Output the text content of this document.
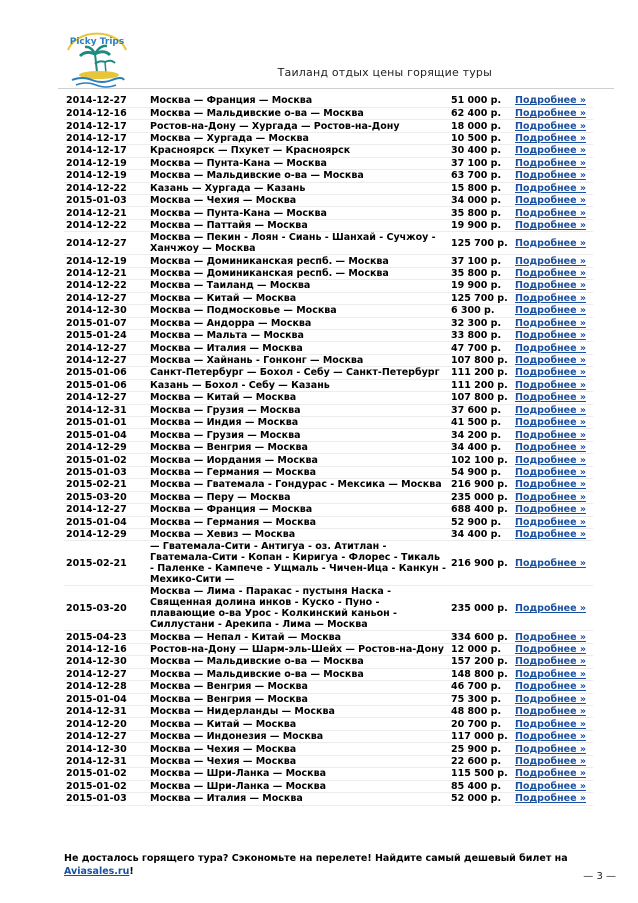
Picky Trips
Таиланд отдых цены горящие туры
2014-12-27	Москва — Франция — Москва	51 000 р.	Подробнее »
2014-12-16	Москва — Мальдивские о-ва — Москва	62 400 р.	Подробнее »
2014-12-17	Ростов-на-Дону — Хургада — Ростов-на-Дону	18 000 р.	Подробнее »
2014-12-17	Москва — Хургада — Москва	10 500 р.	Подробнее »
2014-12-17	Красноярск — Пхукет — Красноярск	30 400 р.	Подробнее »
2014-12-19	Москва — Пунта-Кана — Москва	37 100 р.	Подробнее »
2014-12-19	Москва — Мальдивские о-ва — Москва	63 700 р.	Подробнее »
2014-12-22	Казань — Хургада — Казань	15 800 р.	Подробнее »
2015-01-03	Москва — Чехия — Москва	34 000 р.	Подробнее »
2014-12-21	Москва — Пунта-Кана — Москва	35 800 р.	Подробнее »
2014-12-22	Москва — Паттайя — Москва	19 900 р.	Подробнее »
2014-12-27	Москва — Пекин - Лоян - Сиань - Шанхай - Сучжоу - Ханчжоу — Москва	125 700 р.	Подробнее »
2014-12-19	Москва — Доминиканская респб. — Москва	37 100 р.	Подробнее »
2014-12-21	Москва — Доминиканская респб. — Москва	35 800 р.	Подробнее »
2014-12-22	Москва — Таиланд — Москва	19 900 р.	Подробнее »
2014-12-27	Москва — Китай — Москва	125 700 р.	Подробнее »
2014-12-30	Москва — Подмосковье — Москва	6 300 р.	Подробнее »
2015-01-07	Москва — Андорра — Москва	32 300 р.	Подробнее »
2015-01-24	Москва — Мальта — Москва	33 800 р.	Подробнее »
2014-12-27	Москва — Италия — Москва	47 700 р.	Подробнее »
2014-12-27	Москва — Хайнань - Гонконг — Москва	107 800 р.	Подробнее »
2015-01-06	Санкт-Петербург — Бохол - Себу — Санкт-Петербург	111 200 р.	Подробнее »
2015-01-06	Казань — Бохол - Себу — Казань	111 200 р.	Подробнее »
2014-12-27	Москва — Китай — Москва	107 800 р.	Подробнее »
2014-12-31	Москва — Грузия — Москва	37 600 р.	Подробнее »
2015-01-01	Москва — Индия — Москва	41 500 р.	Подробнее »
2015-01-04	Москва — Грузия — Москва	34 200 р.	Подробнее »
2014-12-29	Москва — Венгрия — Москва	34 400 р.	Подробнее »
2015-01-02	Москва — Иордания — Москва	102 100 р.	Подробнее »
2015-01-03	Москва — Германия — Москва	54 900 р.	Подробнее »
2015-02-21	Москва — Гватемала - Гондурас - Мексика — Москва	216 900 р.	Подробнее »
2015-03-20	Москва — Перу — Москва	235 000 р.	Подробнее »
2014-12-27	Москва — Франция — Москва	688 400 р.	Подробнее »
2015-01-04	Москва — Германия — Москва	52 900 р.	Подробнее »
2014-12-29	Москва — Хевиз — Москва	34 400 р.	Подробнее »
2015-02-21	— Гватемала-Сити - Антигуа - оз. Атитлан - Гватемала-Сити - Копан - Киригуа - Флорес - Тикаль - Паленке - Кампече - Ущмаль - Чичен-Ица - Канкун - Мехико-Сити —	216 900 р.	Подробнее »
2015-03-20	Москва — Лима - Паракас - пустыня Наска - Священная долина инков - Куско - Пуно - плавающие о-ва Урос - Колкинский каньон - Силлустани - Арекипа - Лима — Москва	235 000 р.	Подробнее »
2015-04-23	Москва — Непал - Китай — Москва	334 600 р.	Подробнее »
2014-12-16	Ростов-на-Дону — Шарм-эль-Шейх — Ростов-на-Дону	12 000 р.	Подробнее »
2014-12-30	Москва — Мальдивские о-ва — Москва	157 200 р.	Подробнее »
2014-12-27	Москва — Мальдивские о-ва — Москва	148 800 р.	Подробнее »
2014-12-28	Москва — Венгрия — Москва	46 700 р.	Подробнее »
2015-01-04	Москва — Венгрия — Москва	75 300 р.	Подробнее »
2014-12-31	Москва — Нидерланды — Москва	48 800 р.	Подробнее »
2014-12-20	Москва — Китай — Москва	20 700 р.	Подробнее »
2014-12-27	Москва — Индонезия — Москва	117 000 р.	Подробнее »
2014-12-30	Москва — Чехия — Москва	25 900 р.	Подробнее »
2014-12-31	Москва — Чехия — Москва	22 600 р.	Подробнее »
2015-01-02	Москва — Шри-Ланка — Москва	115 500 р.	Подробнее »
2015-01-02	Москва — Шри-Ланка — Москва	85 400 р.	Подробнее »
2015-01-03	Москва — Италия — Москва	52 000 р.	Подробнее »
Не досталось горящего тура? Сэкономьте на перелете! Найдите самый дешевый билет на
Aviasales.ru!	— 3 —
